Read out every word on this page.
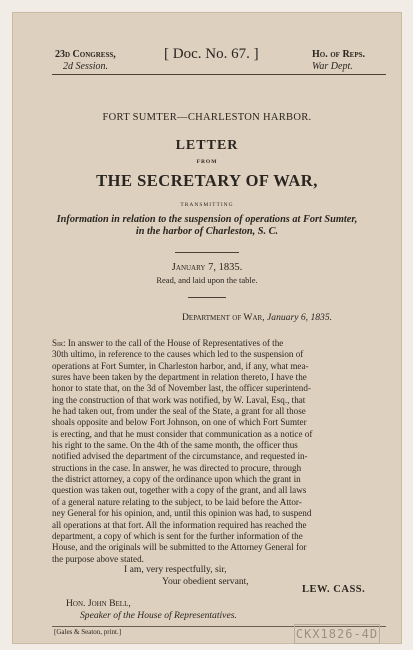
23d Congress,
2d Session.
[ Doc. No. 67. ]	Ho. of Reps.
War Dept.
FORT SUMTER—CHARLESTON HARBOR.
LETTER
FROM
THE SECRETARY OF WAR,
TRANSMITTING
Information in relation to the suspension of operations at Fort Sumter,
in the harbor of Charleston, S. C.
January 7, 1835.
Read, and laid upon the table.
Department of War, January 6, 1835.
Sir: In answer to the call of the House of Representatives of the
30th ultimo, in reference to the causes which led to the suspension of
operations at Fort Sumter, in Charleston harbor, and, if any, what mea-
sures have been taken by the department in relation thereto, I have the
honor to state that, on the 3d of November last, the officer superintend-
ing the construction of that work was notified, by W. Laval, Esq., that
he had taken out, from under the seal of the State, a grant for all those
shoals opposite and below Fort Johnson, on one of which Fort Sumter
is erecting, and that he must consider that communication as a notice of
his right to the same. On the 4th of the same month, the officer thus
notified advised the department of the circumstance, and requested in-
structions in the case. In answer, he was directed to procure, through
the district attorney, a copy of the ordinance upon which the grant in
question was taken out, together with a copy of the grant, and all laws
of a general nature relating to the subject, to be laid before the Attor-
ney General for his opinion, and, until this opinion was had, to suspend
all operations at that fort. All the information required has reached the
department, a copy of which is sent for the further information of the
House, and the originals will be submitted to the Attorney General for
the purpose above stated.
I am, very respectfully, sir,
Your obedient servant,
LEW. CASS.
Hon. John Bell,
Speaker of the House of Representatives.
[Gales & Seaton, print.]	CKX1826-4D
